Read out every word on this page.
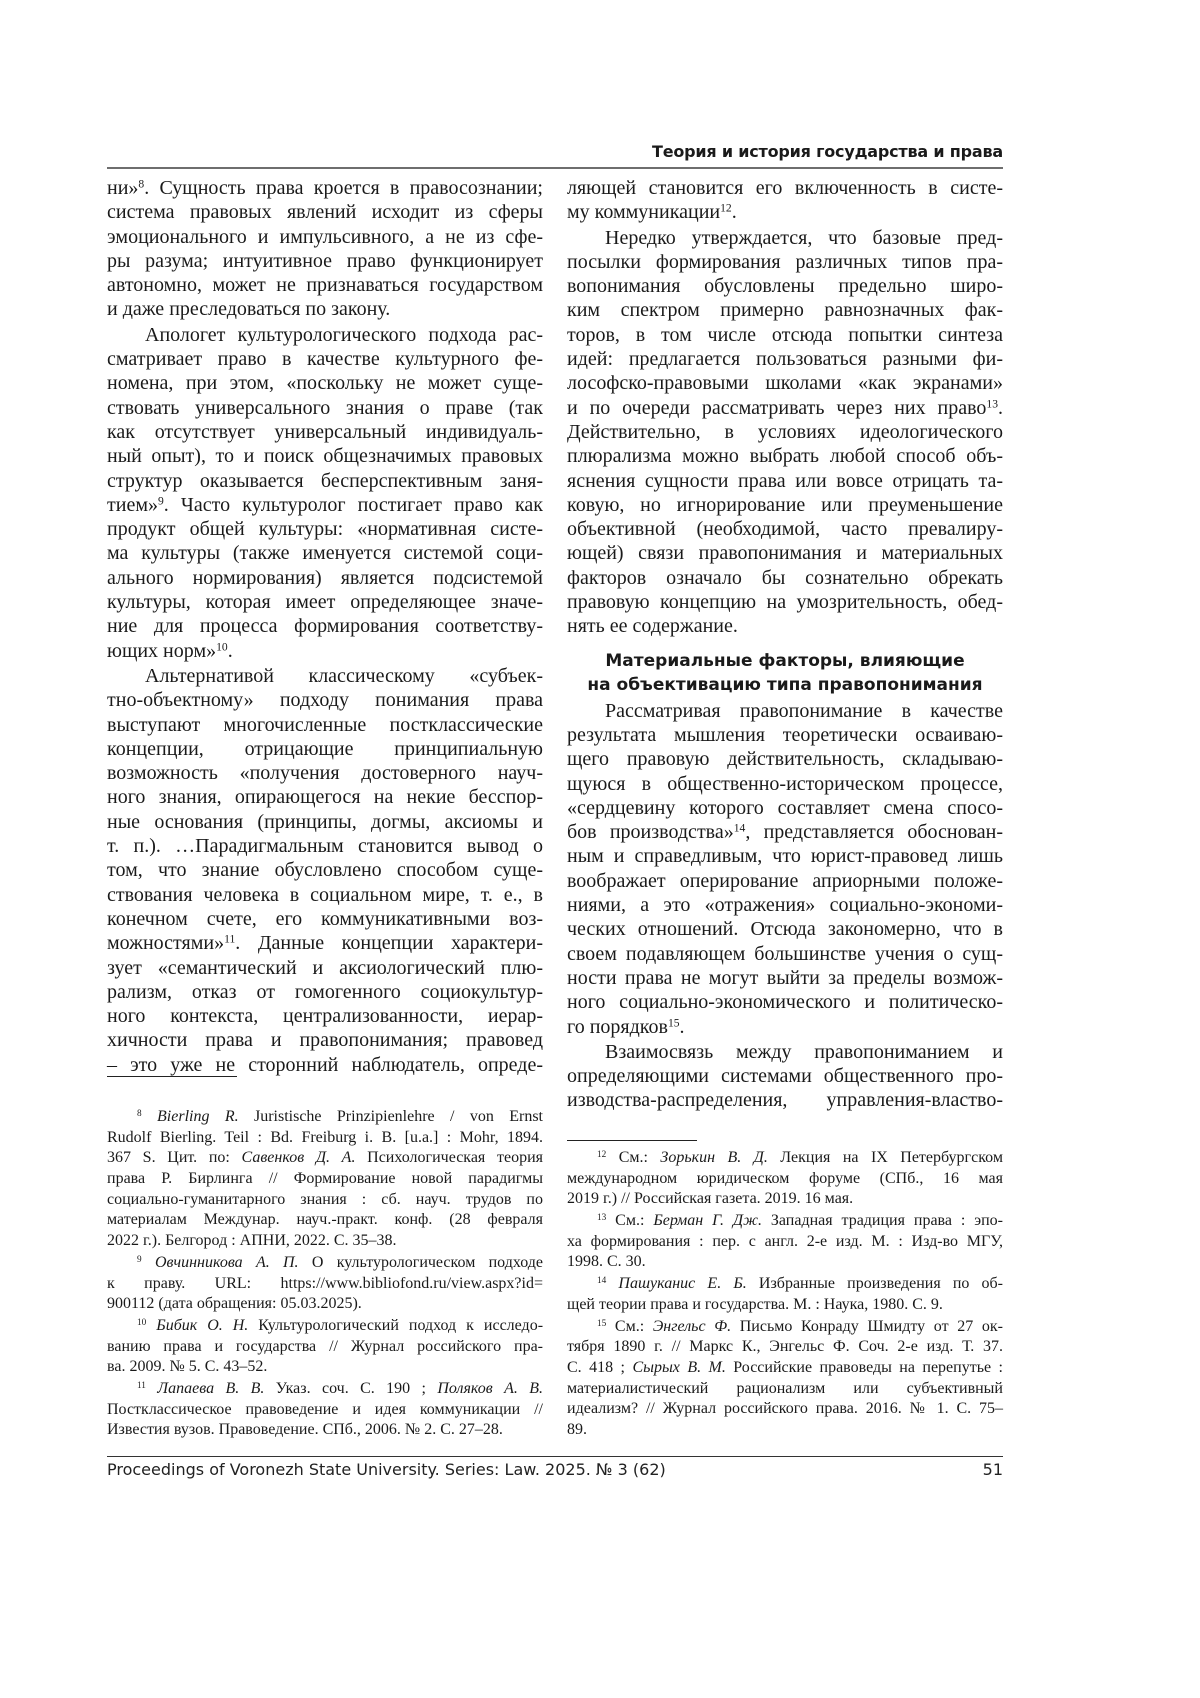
Теория и история государства и права
ни»8. Сущность права кроется в правосознании;
система правовых явлений исходит из сферы
эмоционального и импульсивного, а не из сфе-
ры разума; интуитивное право функционирует
автономно, может не признаваться государством
и даже преследоваться по закону.
Апологет культурологического подхода рас-
сматривает право в качестве культурного фе-
номена, при этом, «поскольку не может суще-
ствовать универсального знания о праве (так
как отсутствует универсальный индивидуаль-
ный опыт), то и поиск общезначимых правовых
структур оказывается бесперспективным заня-
тием»9. Часто культуролог постигает право как
продукт общей культуры: «нормативная систе-
ма культуры (также именуется системой соци-
ального нормирования) является подсистемой
культуры, которая имеет определяющее значе-
ние для процесса формирования соответству-
ющих норм»10.
Альтернативой классическому «субъек-
тно-объектному» подходу понимания права
выступают многочисленные постклассические
концепции, отрицающие принципиальную
возможность «получения достоверного науч-
ного знания, опирающегося на некие бесспор-
ные основания (принципы, догмы, аксиомы и
т. п.). …Парадигмальным становится вывод о
том, что знание обусловлено способом суще-
ствования человека в социальном мире, т. е., в
конечном счете, его коммуникативными воз-
можностями»11. Данные концепции характери-
зует «семантический и аксиологический плю-
рализм, отказ от гомогенного социокультур-
ного контекста, централизованности, иерар-
хичности права и правопонимания; правовед
– это уже не сторонний наблюдатель, опреде-
ляющей становится его включенность в систе-
му коммуникации12.
Нередко утверждается, что базовые пред-
посылки формирования различных типов пра-
вопонимания обусловлены предельно широ-
ким спектром примерно равнозначных фак-
торов, в том числе отсюда попытки синтеза
идей: предлагается пользоваться разными фи-
лософско-правовыми школами «как экранами»
и по очереди рассматривать через них право13.
Действительно, в условиях идеологического
плюрализма можно выбрать любой способ объ-
яснения сущности права или вовсе отрицать та-
ковую, но игнорирование или преуменьшение
объективной (необходимой, часто превалиру-
ющей) связи правопонимания и материальных
факторов означало бы сознательно обрекать
правовую концепцию на умозрительность, обед-
нять ее содержание.
Материальные факторы, влияющие
на объективацию типа правопонимания
Рассматривая правопонимание в качестве
результата мышления теоретически осваиваю-
щего правовую действительность, складываю-
щуюся в общественно-историческом процессе,
«сердцевину которого составляет смена спосо-
бов производства»14, представляется обоснован-
ным и справедливым, что юрист-правовед лишь
воображает оперирование априорными положе-
ниями, а это «отражения» социально-экономи-
ческих отношений. Отсюда закономерно, что в
своем подавляющем большинстве учения о сущ-
ности права не могут выйти за пределы возмож-
ного социально-экономического и политическо-
го порядков15.
Взаимосвязь между правопониманием и
определяющими системами общественного про-
изводства-распределения, управления-властво-
8 Bierling R. Juristische Prinzipienlehre / von Ernst
Rudolf Bierling. Teil : Bd. Freiburg i. B. [u.a.] : Mohr, 1894.
367 S. Цит. по: Савенков Д. А. Психологическая теория
права Р. Бирлинга // Формирование новой парадигмы
социально-гуманитарного знания : сб. науч. трудов по
материалам Междунар. науч.-практ. конф. (28 февраля
2022 г.). Белгород : АПНИ, 2022. С. 35–38.
9 Овчинникова А. П. О культурологическом подходе
к праву. URL: https://www.bibliofond.ru/view.aspx?id=
900112 (дата обращения: 05.03.2025).
10 Бибик О. Н. Культурологический подход к исследо-
ванию права и государства // Журнал российского пра-
ва. 2009. № 5. С. 43–52.
11 Лапаева В. В. Указ. соч. С. 190 ; Поляков А. В.
Постклассическое правоведение и идея коммуникации //
Известия вузов. Правоведение. СПб., 2006. № 2. С. 27–28.
12 См.: Зорькин В. Д. Лекция на IX Петербургском
международном юридическом форуме (СПб., 16 мая
2019 г.) // Российская газета. 2019. 16 мая.
13 См.: Берман Г. Дж. Западная традиция права : эпо-
ха формирования : пер. с англ. 2-е изд. М. : Изд-во МГУ,
1998. С. 30.
14 Пашуканис Е. Б. Избранные произведения по об-
щей теории права и государства. М. : Наука, 1980. С. 9.
15 См.: Энгельс Ф. Письмо Конраду Шмидту от 27 ок-
тября 1890 г. // Маркс К., Энгельс Ф. Соч. 2-е изд. Т. 37.
С. 418 ; Сырых В. М. Российские правоведы на перепутье :
материалистический рационализм или субъективный
идеализм? // Журнал российского права. 2016. № 1. С. 75–
89.
Proceedings of Voronezh State University. Series: Law. 2025. № 3 (62)	51
